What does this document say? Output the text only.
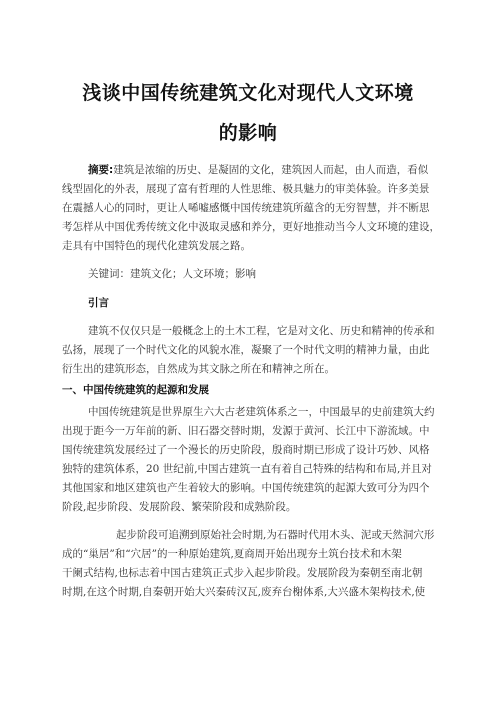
浅谈中国传统建筑文化对现代人文环境
的影响
摘要:建筑是浓缩的历史、是凝固的文化，建筑因人而起，由人而造，看似
线型固化的外表，展现了富有哲理的人性思维、极具魅力的审美体验。许多美景
在震撼人心的同时，更让人唏嘘感慨中国传统建筑所蕴含的无穷智慧，并不断思
考怎样从中国优秀传统文化中汲取灵感和养分，更好地推动当今人文环境的建设，
走具有中国特色的现代化建筑发展之路。
关键词：建筑文化；人文环境；影响
引言
建筑不仅仅只是一般概念上的土木工程，它是对文化、历史和精神的传承和
弘扬，展现了一个时代文化的风貌水准，凝聚了一个时代文明的精神力量，由此
衍生出的建筑形态，自然成为其文脉之所在和精神之所在。
一、中国传统建筑的起源和发展
中国传统建筑是世界原生六大古老建筑体系之一，中国最早的史前建筑大约
出现于距今一万年前的新、旧石器交替时期，发源于黄河、长江中下游流域。中
国传统建筑发展经过了一个漫长的历史阶段，殷商时期已形成了设计巧妙、风格
独特的建筑体系，20 世纪前,中国古建筑一直有着自己特殊的结构和布局,并且对
其他国家和地区建筑也产生着较大的影响。中国传统建筑的起源大致可分为四个
阶段,起步阶段、发展阶段、繁荣阶段和成熟阶段。
起步阶段可追溯到原始社会时期,为石器时代用木头、泥或天然洞穴形
成的“巢居”和“穴居”的一种原始建筑,夏商周开始出现夯土筑台技术和木架
干阑式结构,也标志着中国古建筑正式步入起步阶段。发展阶段为秦朝至南北朝
时期,在这个时期,自秦朝开始大兴秦砖汉瓦,废弃台榭体系,大兴盛木架构技术,使
